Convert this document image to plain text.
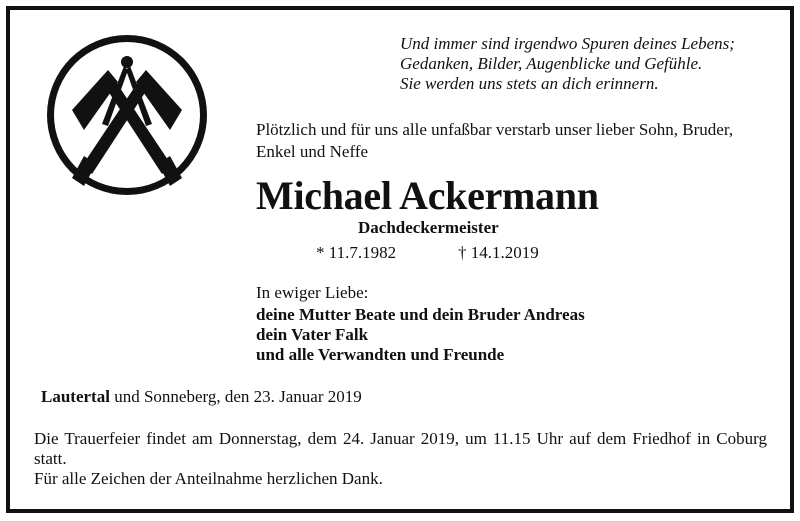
Und immer sind irgendwo Spuren deines Lebens;
Gedanken, Bilder, Augenblicke und Gefühle.
Sie werden uns stets an dich erinnern.
Plötzlich und für uns alle unfaßbar verstarb unser lieber Sohn, Bruder, Enkel und Neffe
Michael Ackermann
Dachdeckermeister
* 11.7.1982	† 14.1.2019
In ewiger Liebe:
deine Mutter Beate und dein Bruder Andreas
dein Vater Falk
und alle Verwandten und Freunde
Lautertal und Sonneberg, den 23. Januar 2019
Die Trauerfeier findet am Donnerstag, dem 24. Januar 2019, um 11.15 Uhr auf dem Friedhof in Coburg statt.
Für alle Zeichen der Anteilnahme herzlichen Dank.
